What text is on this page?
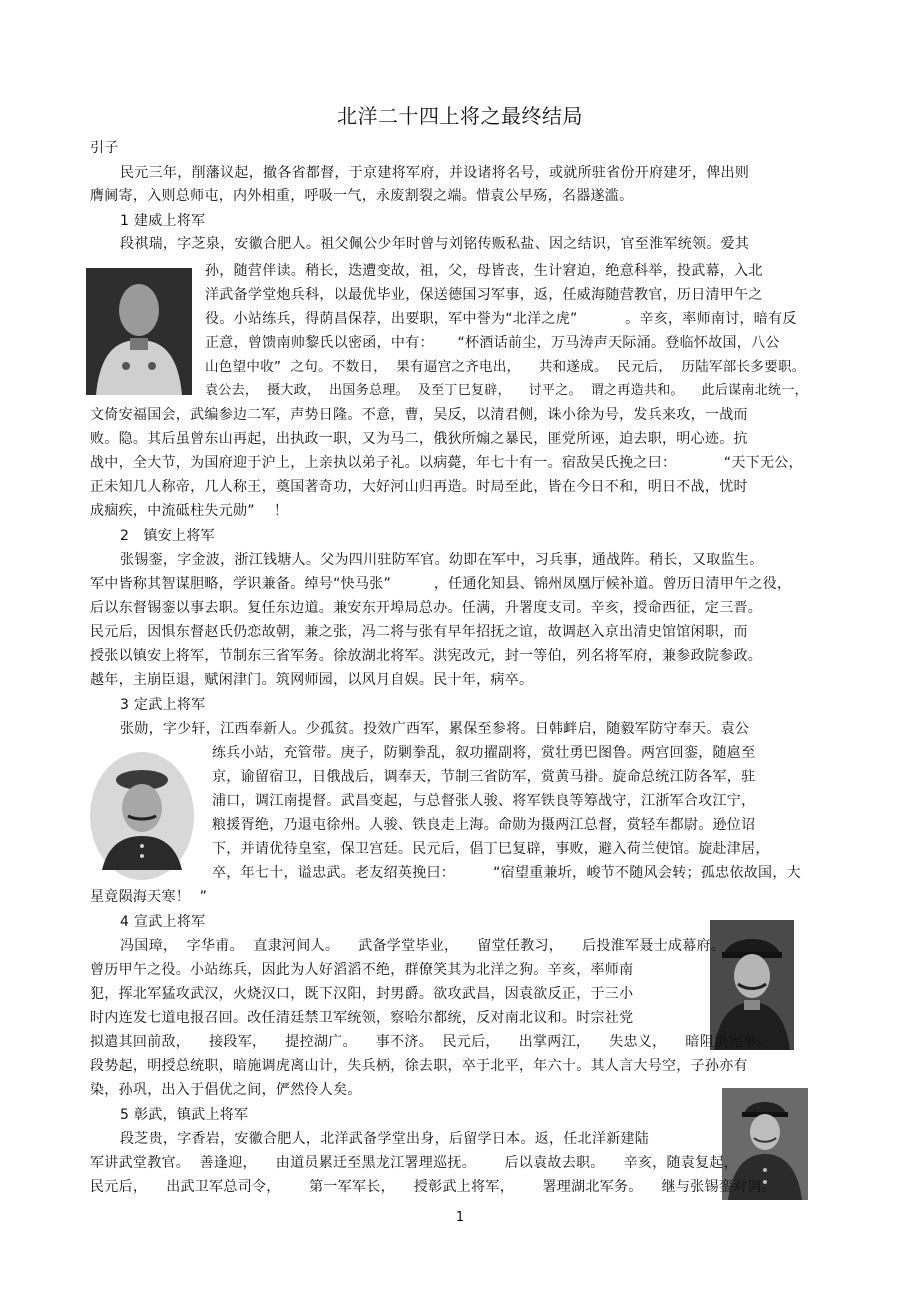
北洋二十四上将之最终结局

引子

民元三年，削藩议起，撤各省都督，于京建将军府，并设诸将名号，或就所驻省份开府建牙，俾出则

膺阃寄，入则总师屯，内外相重，呼吸一气，永废割裂之端。惜袁公早殇，名器遂滥。

1 建威上将军

段祺瑞，字芝泉，安徽合肥人。祖父佩公少年时曾与刘铭传贩私盐、因之结识，官至淮军统领。爱其

孙，随营伴读。稍长，迭遭变故，祖，父，母皆丧，生计窘迫，绝意科举，投武幕，入北

洋武备学堂炮兵科，以最优毕业，保送德国习军事，返，任威海随营教官，历日清甲午之

役。小站练兵，得荫昌保荐，出要职，军中誉为“北洋之虎”          。辛亥，率师南讨，暗有反

正意，曾馈南帅黎氏以密函，中有：     “杯酒话前尘，万马涛声天际涌。登临怀故国，八公

山色望中收”  之句。不数日，  果有逼宫之齐电出，    共和遂成。  民元后，  历陆军部长多要职。

袁公去，  摄大政，  出国务总理。  及至丁巳复辟，    讨平之。  谓之再造共和。    此后谋南北统一，

文倚安福国会，武编参边二军，声势日隆。不意，曹，吴反，以清君侧，诛小徐为号，发兵来攻，一战而

败。隐。其后虽曾东山再起，出执政一职，又为马二，俄狄所煽之暴民，匪党所诬，迫去职，明心迹。抗

战中，全大节，为国府迎于沪上，上亲执以弟子礼。以病薨，年七十有一。宿敌吴氏挽之曰：          “天下无公，

正未知几人称帝，几人称王，奠国著奇功，大好河山归再造。时局至此，皆在今日不和，明日不战，忧时

成痼疾，中流砥柱失元勋”    ！

2   镇安上将军

张锡銮，字金波，浙江钱塘人。父为四川驻防军官。幼即在军中，习兵事，通战阵。稍长，又取监生。

军中皆称其智谋胆略，学识兼备。绰号“快马张”         ，任通化知县、锦州凤凰厅候补道。曾历日清甲午之役，

后以东督锡銮以事去职。复任东边道。兼安东开埠局总办。任满，升署度支司。辛亥，授命西征，定三晋。

民元后，因惧东督赵氏仍恋故朝，兼之张，冯二将与张有早年招抚之谊，故调赵入京出清史馆馆闲职，而

授张以镇安上将军，节制东三省军务。徐放湖北将军。洪宪改元，封一等伯，列名将军府，兼参政院参政。

越年，主崩臣退，赋闲津门。筑网师园，以风月自娱。民十年，病卒。

3 定武上将军

张勋，字少轩，江西奉新人。少孤贫。投效广西军，累保至参将。日韩衅启，随毅军防守奉天。袁公

练兵小站，充管带。庚子，防剿拳乱，叙功擢副将，赏壮勇巴图鲁。两宫回銮，随扈至

京，谕留宿卫，日俄战后，调奉天，节制三省防军，赏黄马褂。旋命总统江防各军，驻

浦口，调江南提督。武昌变起，与总督张人骏、将军铁良等筹战守，江浙军合攻江宁，

粮援胥绝，乃退屯徐州。人骏、铁良走上海。命勋为摄两江总督，赏轻车都尉。逊位诏

下，并请优待皇室，保卫宫廷。民元后，倡丁巳复辟，事败，避入荷兰使馆。旋赴津居，

卒，年七十，谥忠武。老友绍英挽曰：        “宿望重兼圻，峻节不随风会转；孤忠依故国，大

星竟陨海天寒！  ”

4 宣武上将军

冯国璋，  字华甫。  直隶河间人。    武备学堂毕业，    留堂任教习，    后投淮军聂士成幕府。

曾历甲午之役。小站练兵，因此为人好滔滔不绝，群僚笑其为北洋之狗。辛亥，率师南

犯，挥北军猛攻武汉，火烧汉口，既下汉阳，封男爵。欲攻武昌，因袁欲反正，于三小

时内连发七道电报召回。改任清廷禁卫军统领，察哈尔都统，反对南北议和。时宗社党

拟遣其回前敌，    接段军，    提控湖广。    事不济。  民元后，    出掌两江，    失忠义，    暗阻洪宪事。

段势起，明授总统职，暗施调虎离山计，失兵柄，徐去职，卒于北平，年六十。其人言大号空，子孙亦有

染，孙巩，出入于倡优之间，俨然伶人矣。

5 彰武，镇武上将军

段芝贵，字香岩，安徽合肥人，北洋武备学堂出身，后留学日本。返，任北洋新建陆

军讲武堂教官。  善逢迎，    由道员累迁至黑龙江署理巡抚。      后以袁故去职。    辛亥，随袁复起，

民元后，    出武卫军总司令，      第一军军长，    授彰武上将军，      署理湖北军务。    继与张锡銮对调。

1
